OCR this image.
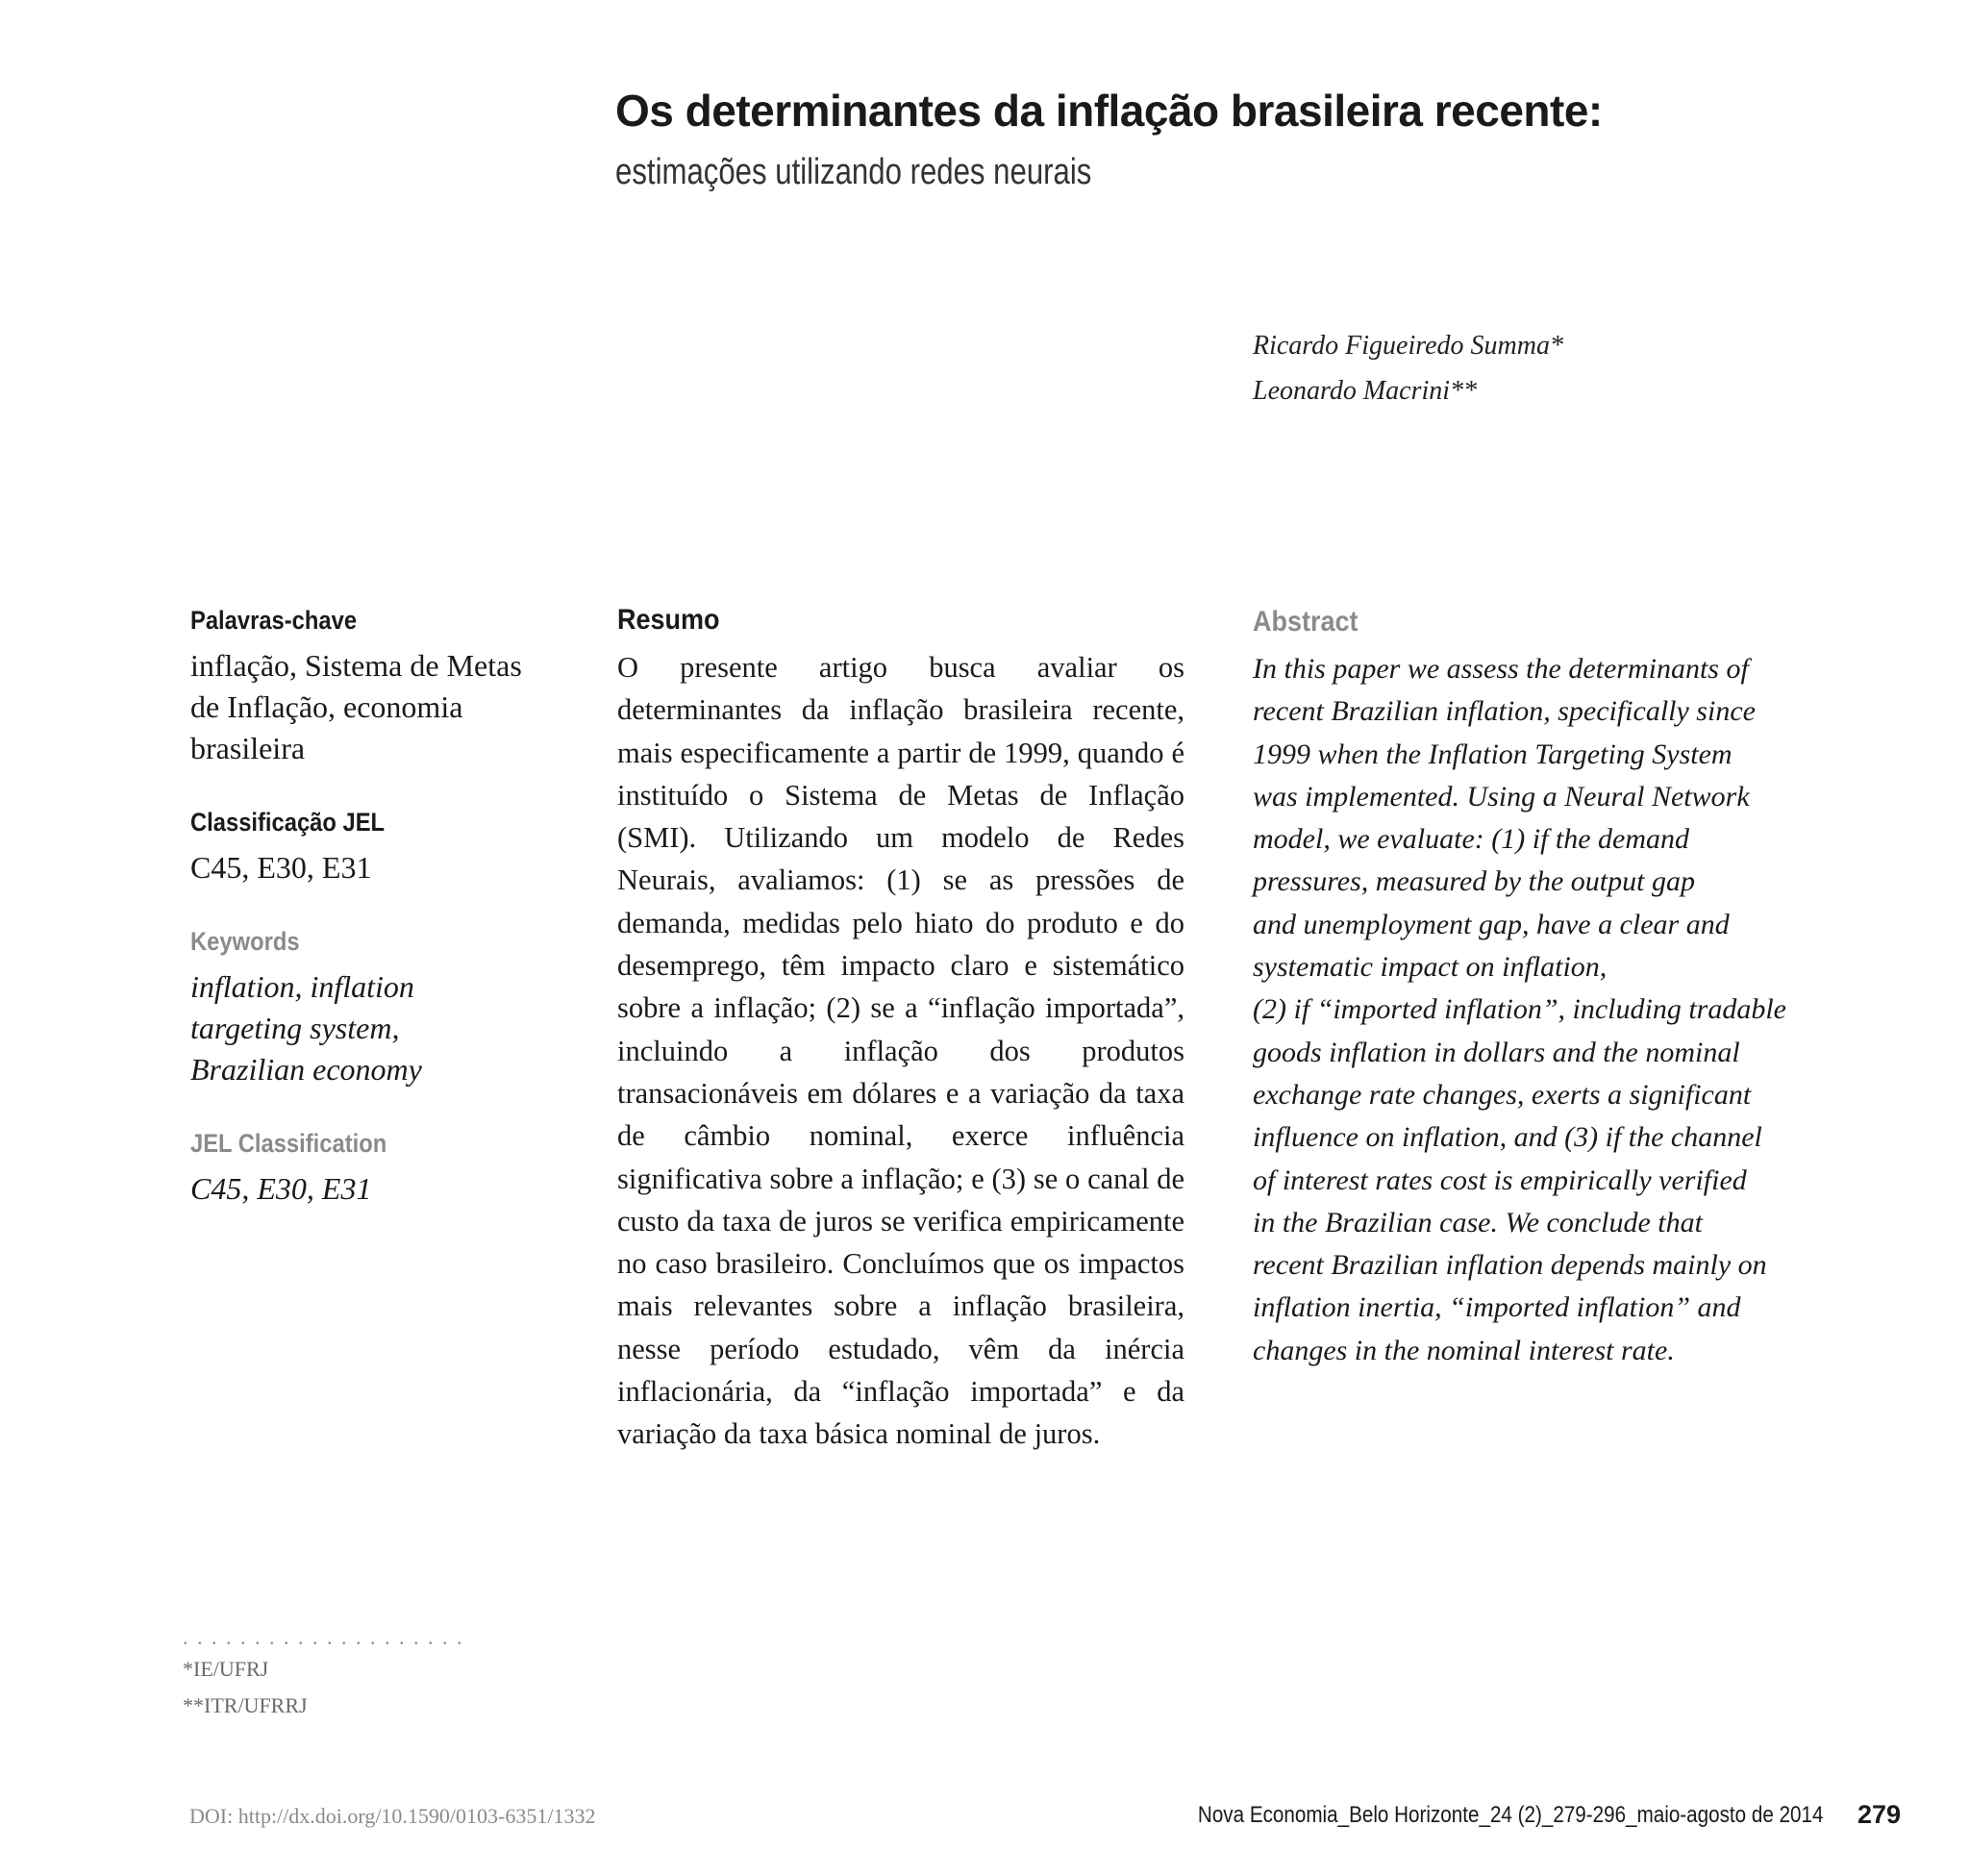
Os determinantes da inflação brasileira recente:
estimações utilizando redes neurais
Ricardo Figueiredo Summa*
Leonardo Macrini**
Palavras-chave
inflação, Sistema de Metas
de Inflação, economia
brasileira
Classificação JEL
C45, E30, E31
Keywords
inflation, inflation
targeting system,
Brazilian economy
JEL Classification
C45, E30, E31
Resumo
O presente artigo busca avaliar os determinantes da inflação brasileira recente, mais especificamente a partir de 1999, quando é instituído o Sistema de Metas de Inflação (SMI). Utilizando um modelo de Redes Neurais, avaliamos: (1) se as pressões de demanda, medidas pelo hiato do produto e do desemprego, têm impacto claro e sistemático sobre a inflação; (2) se a “inflação importada”, incluindo a inflação dos produtos transacionáveis em dólares e a variação da taxa de câmbio nominal, exerce influência significativa sobre a inflação; e (3) se o canal de custo da taxa de juros se verifica empiricamente no caso brasileiro. Concluímos que os impactos mais relevantes sobre a inflação brasileira, nesse período estudado, vêm da inércia inflacionária, da “inflação importada” e da variação da taxa básica nominal de juros.
Abstract
In this paper we assess the determinants of
recent Brazilian inflation, specifically since
1999 when the Inflation Targeting System
was implemented. Using a Neural Network
model, we evaluate: (1) if the demand
pressures, measured by the output gap
and unemployment gap, have a clear and
systematic impact on inflation,
(2) if “imported inflation”, including tradable
goods inflation in dollars and the nominal
exchange rate changes, exerts a significant
influence on inflation, and (3) if the channel
of interest rates cost is empirically verified
in the Brazilian case. We conclude that
recent Brazilian inflation depends mainly on
inflation inertia, “imported inflation” and
changes in the nominal interest rate.
....................
*IE/UFRJ
**ITR/UFRRJ
DOI: http://dx.doi.org/10.1590/0103-6351/1332	Nova Economia_Belo Horizonte_24 (2)_279-296_maio-agosto de 2014 279
